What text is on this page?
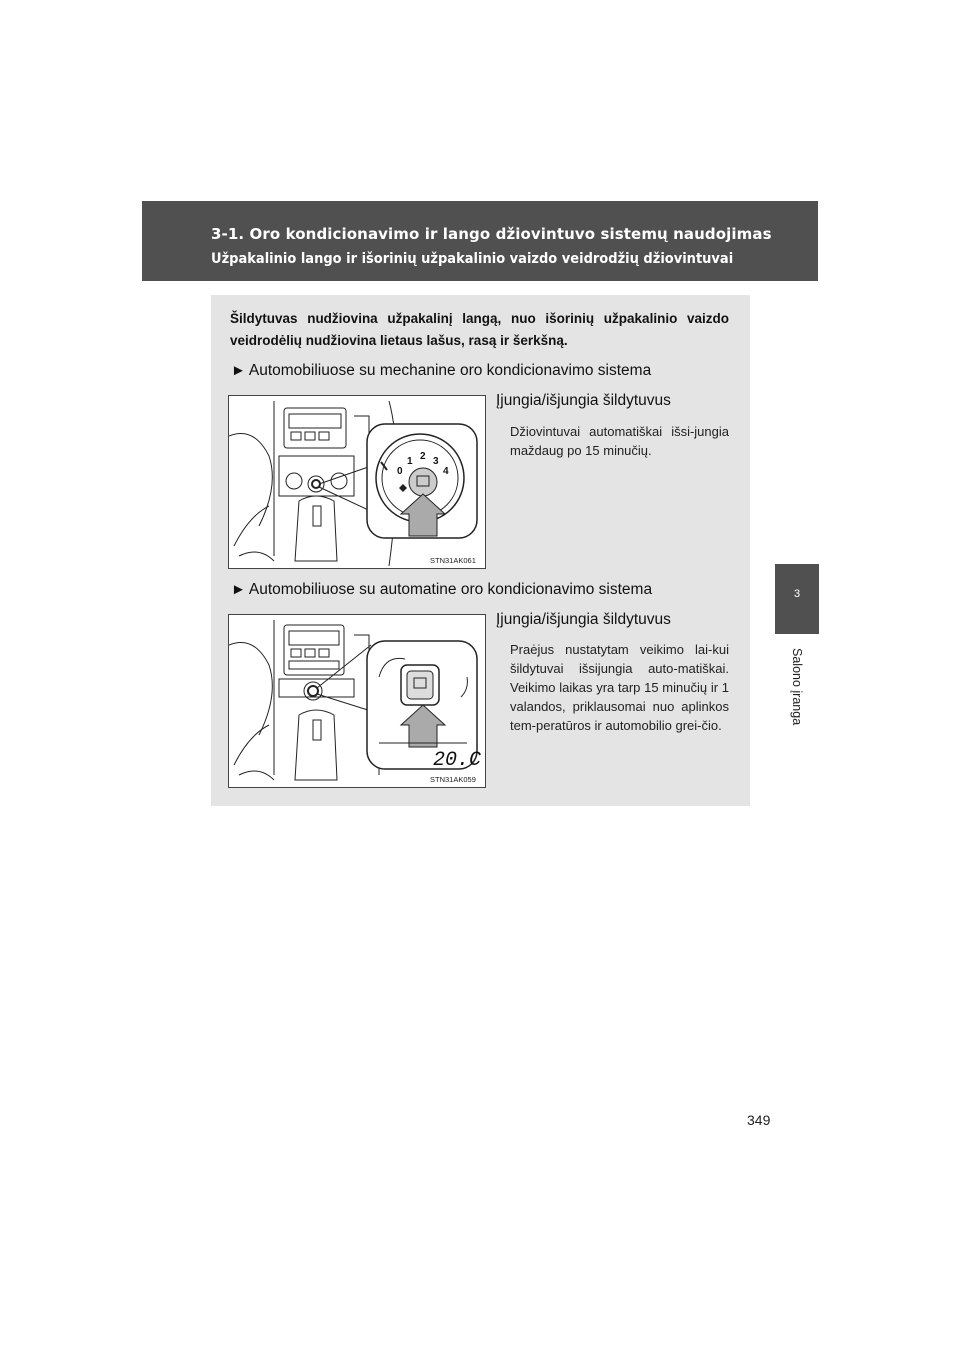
3-1. Oro kondicionavimo ir lango džiovintuvo sistemų naudojimas
Užpakalinio lango ir išorinių užpakalinio vaizdo veidrodžių džiovintuvai
3
Salono įranga
Šildytuvas nudžiovina užpakalinį langą, nuo išorinių užpakalinio vaizdo veidrodėlių nudžiovina lietaus lašus, rasą ir šerkšną.
► Automobiliuose su mechanine oro kondicionavimo sistema
Įjungia/išjungia šildytuvus
Džiovintuvai automatiškai išsi-jungia maždaug po 15 minučių.
0
1 2 3
4
STN31AK061
► Automobiliuose su automatine oro kondicionavimo sistema
Įjungia/išjungia šildytuvus
Praėjus nustatytam veikimo lai-kui šildytuvai išsijungia auto-matiškai. Veikimo laikas yra tarp 15 minučių ir 1 valandos, priklausomai nuo aplinkos tem-peratūros ir automobilio grei-čio.
20.C
STN31AK059
349
